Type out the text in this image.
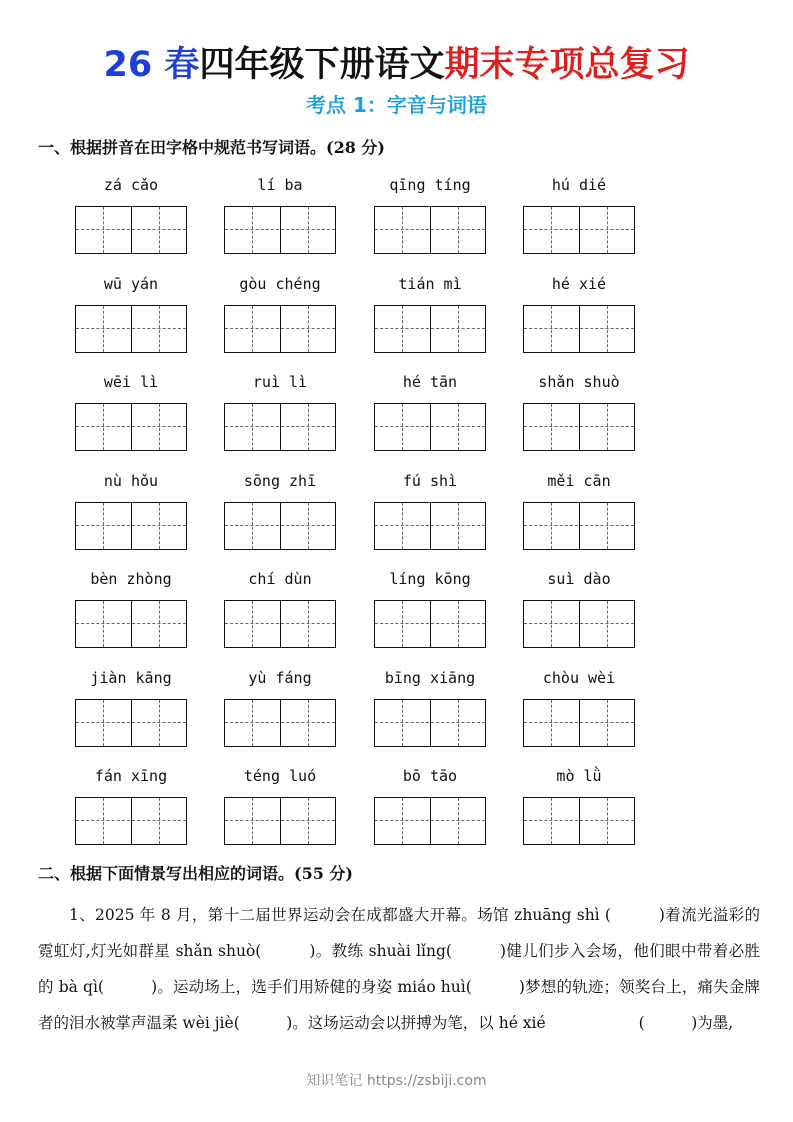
26 春四年级下册语文期末专项总复习
考点 1：字音与词语
一、根据拼音在田字格中规范书写词语。(28 分)
zá cǎo	lí ba	qīng tíng	hú dié
wū yán	gòu chéng	tián mì	hé xié
wēi lì	ruì lì	hé tān	shǎn shuò
nù hǒu	sōng zhī	fú shì	měi cān
bèn zhòng	chí dùn	líng kōng	suì dào
jiàn kāng	yù fáng	bīng xiāng	chòu wèi
fán xīng	téng luó	bō tāo	mò lǜ
二、根据下面情景写出相应的词语。(55 分)

1、2025 年 8 月，第十二届世界运动会在成都盛大开幕。场馆 zhuāng shì (　　　)着流光溢彩的霓虹灯,灯光如群星 shǎn shuò(　　　)。教练 shuài lǐng(　　　)健儿们步入会场，他们眼中带着必胜的 bà qì(　　　)。运动场上，选手们用矫健的身姿 miáo huì(　　　)梦想的轨迹；领奖台上，痛失金牌者的泪水被掌声温柔 wèi jiè(　　　)。这场运动会以拼搏为笔，以 hé xié　　　　　　(　　　)为墨,

知识笔记 https://zsbiji.com
